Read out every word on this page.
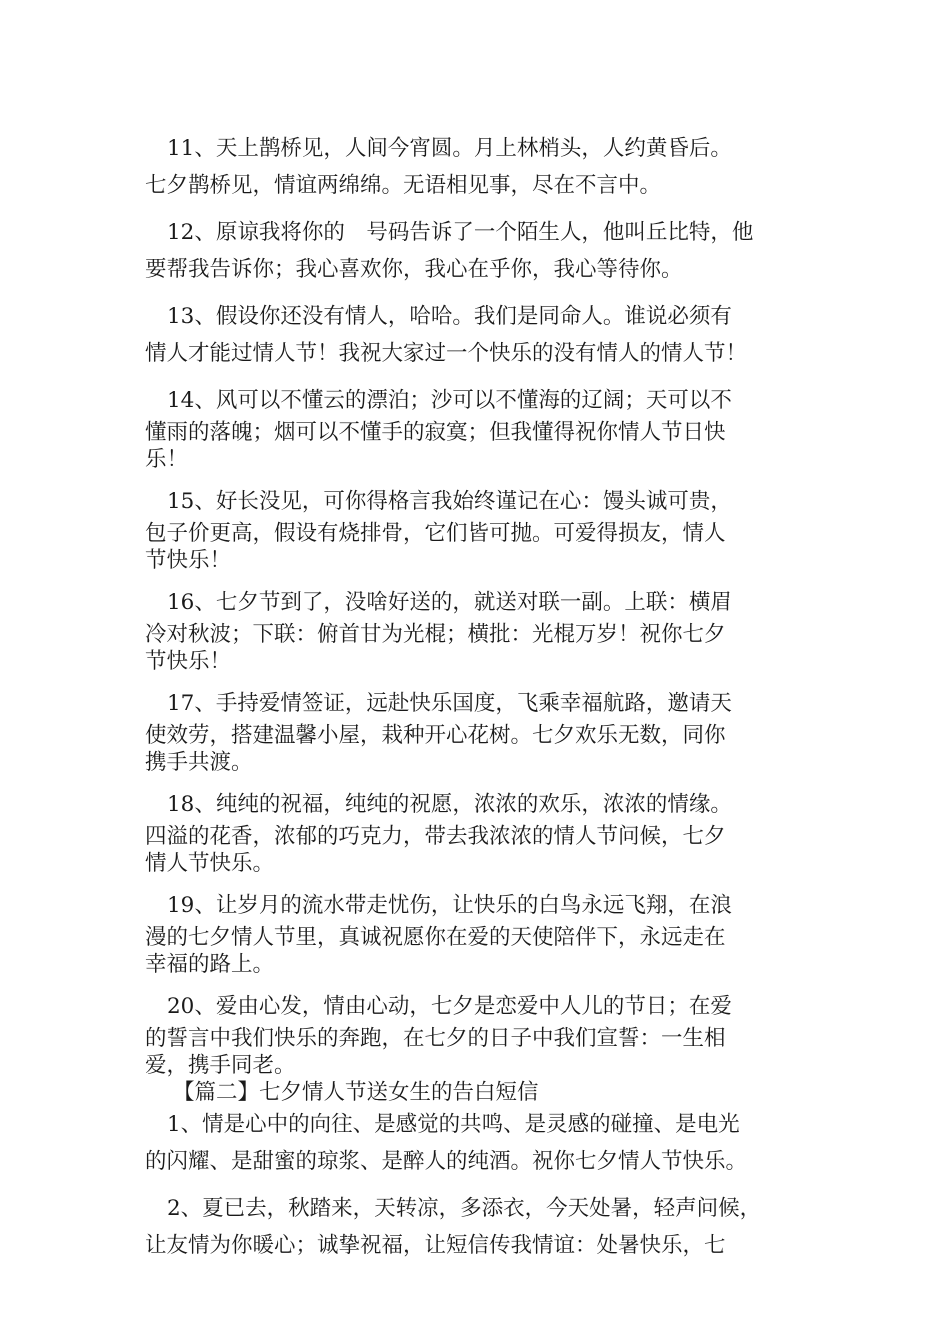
11、天上鹊桥见，人间今宵圆。月上林梢头，人约黄昏后。
七夕鹊桥见，情谊两绵绵。无语相见事，尽在不言中。
12、原谅我将你的　号码告诉了一个陌生人，他叫丘比特，他
要帮我告诉你；我心喜欢你，我心在乎你，我心等待你。
13、假设你还没有情人，哈哈。我们是同命人。谁说必须有
情人才能过情人节！我祝大家过一个快乐的没有情人的情人节！
14、风可以不懂云的漂泊；沙可以不懂海的辽阔；天可以不
懂雨的落魄；烟可以不懂手的寂寞；但我懂得祝你情人节日快
乐！
15、好长没见，可你得格言我始终谨记在心：馒头诚可贵，
包子价更高，假设有烧排骨，它们皆可抛。可爱得损友，情人
节快乐！
16、七夕节到了，没啥好送的，就送对联一副。上联：横眉
冷对秋波；下联：俯首甘为光棍；横批：光棍万岁！祝你七夕
节快乐！
17、手持爱情签证，远赴快乐国度，飞乘幸福航路，邀请天
使效劳，搭建温馨小屋，栽种开心花树。七夕欢乐无数，同你
携手共渡。
18、纯纯的祝福，纯纯的祝愿，浓浓的欢乐，浓浓的情缘。
四溢的花香，浓郁的巧克力，带去我浓浓的情人节问候，七夕
情人节快乐。
19、让岁月的流水带走忧伤，让快乐的白鸟永远飞翔，在浪
漫的七夕情人节里，真诚祝愿你在爱的天使陪伴下，永远走在
幸福的路上。
20、爱由心发，情由心动，七夕是恋爱中人儿的节日；在爱
的誓言中我们快乐的奔跑，在七夕的日子中我们宣誓：一生相
爱，携手同老。
【篇二】七夕情人节送女生的告白短信
1、情是心中的向往、是感觉的共鸣、是灵感的碰撞、是电光
的闪耀、是甜蜜的琼浆、是醉人的纯酒。祝你七夕情人节快乐。
2、夏已去，秋踏来，天转凉，多添衣，今天处暑，轻声问候，
让友情为你暖心；诚挚祝福，让短信传我情谊：处暑快乐，七
